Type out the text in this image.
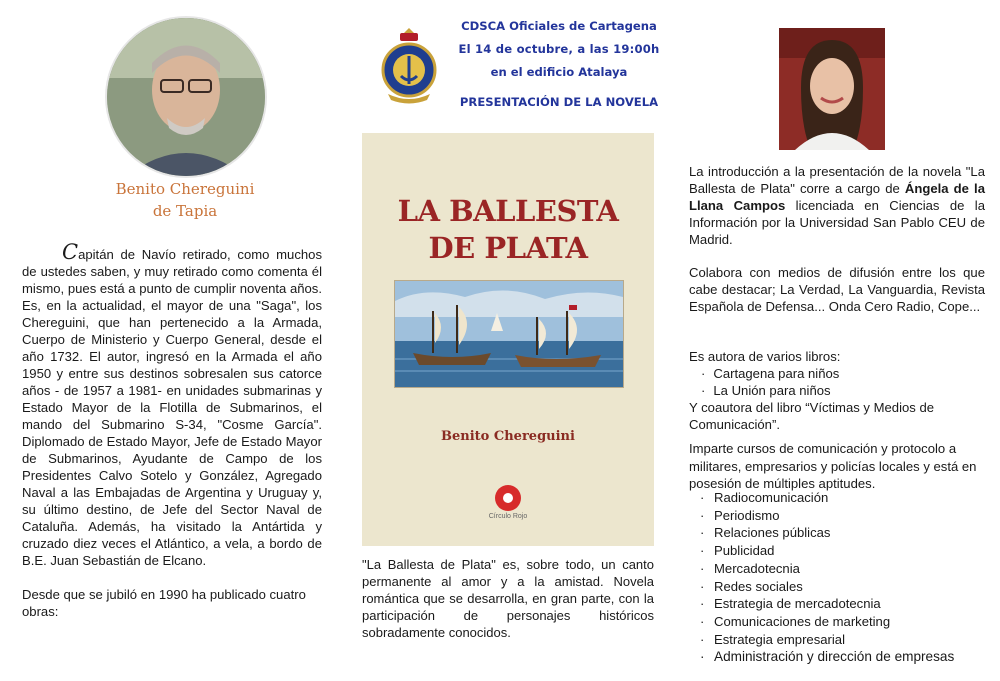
Benito Chereguini
de Tapia

Capitán de Navío retirado, como muchos de ustedes saben, y muy retirado como comenta él mismo, pues está a punto de cumplir noventa años. Es, en la actualidad, el mayor de una "Saga", los Chereguini, que han pertenecido a la Armada, Cuerpo de Ministerio y Cuerpo General, desde el año 1732. El autor, ingresó en la Armada el año 1950 y entre sus destinos sobresalen sus catorce años - de 1957 a 1981- en unidades submarinas y Estado Mayor de la Flotilla de Submarinos, el mando del Submarino S-34, "Cosme García". Diplomado de Estado Mayor, Jefe de Estado Mayor de Submarinos, Ayudante de Campo de los Presidentes Calvo Sotelo y González, Agregado Naval a las Embajadas de Argentina y Uruguay y, su último destino, de Jefe del Sector Naval de Cataluña. Además, ha visitado la Antártida y cruzado diez veces el Atlántico, a vela, a bordo de B.E. Juan Sebastián de Elcano.

Desde que se jubiló en 1990 ha publicado cuatro obras:

CDSCA Oficiales de Cartagena
El 14 de octubre, a las 19:00h
en el edificio Atalaya
PRESENTACIÓN DE LA NOVELA
LA BALLESTA
DE PLATA
Benito Chereguini
Círculo Rojo

"La Ballesta de Plata" es, sobre todo, un canto permanente al amor y a la amistad. Novela romántica que se desarrolla, en gran parte, con la participación de personajes históricos sobradamente conocidos.

La introducción a la presentación de la novela "La Ballesta de Plata" corre a cargo de Ángela de la Llana Campos licenciada en Ciencias de la Información por la Universidad San Pablo CEU de Madrid.

Colabora con medios de difusión entre los que cabe destacar; La Verdad, La Vanguardia, Revista Española de Defensa... Onda Cero Radio, Cope...

Es autora de varios libros:
· Cartagena para niños
· La Unión para niños
Y coautora del libro “Víctimas y Medios de Comunicación”.

Imparte cursos de comunicación y protocolo a militares, empresarios y policías locales y está en posesión de múltiples aptitudes.

· Radiocomunicación
· Periodismo
· Relaciones públicas
· Publicidad
· Mercadotecnia
· Redes sociales
· Estrategia de mercadotecnia
· Comunicaciones de marketing
· Estrategia empresarial
· Administración y dirección de empresas
